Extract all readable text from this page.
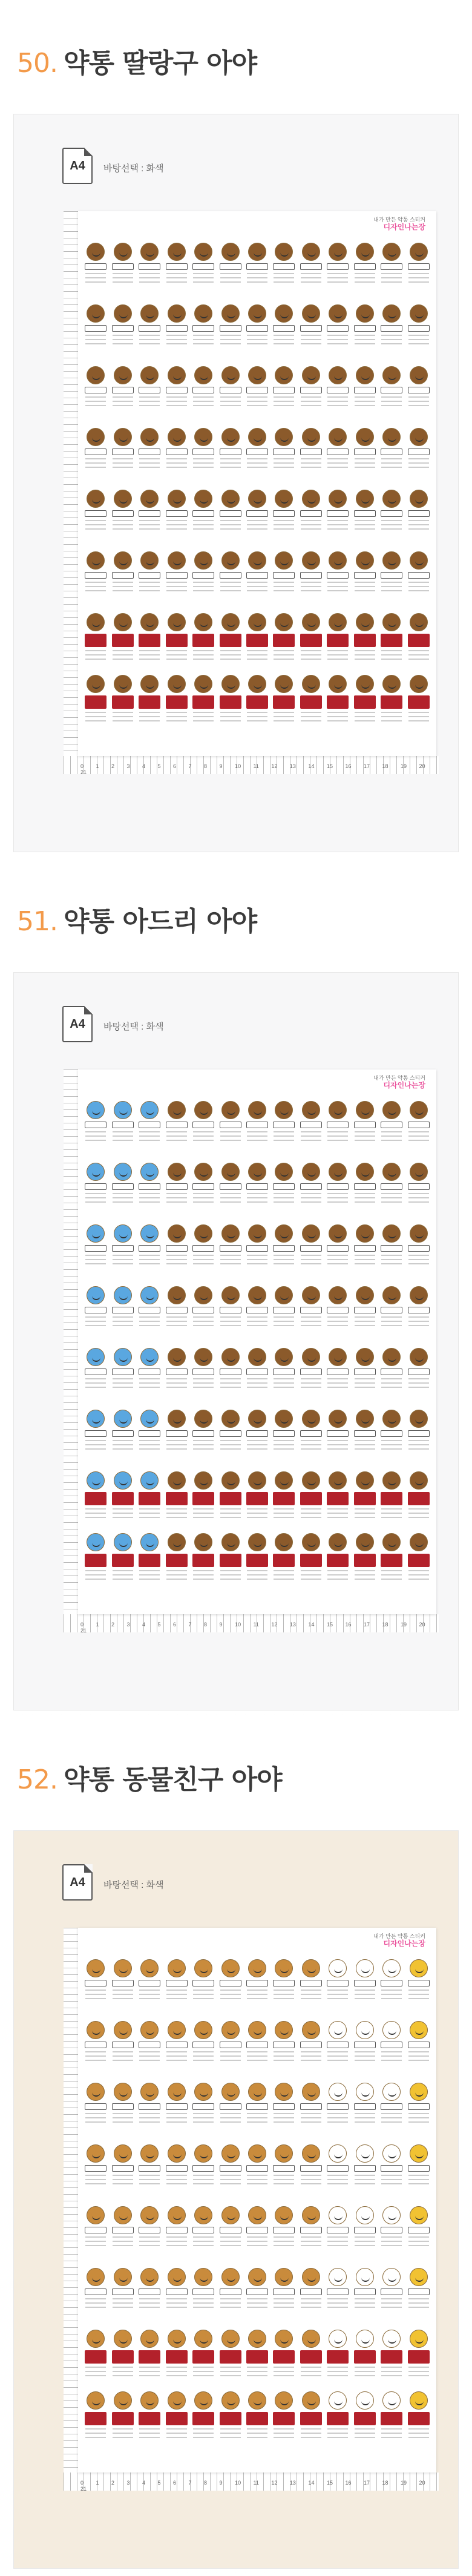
50. 약통 딸랑구 아야
A4	바탕선택 : 화색
0 1 2 3 4 5 6 7 8 9 10 11 12 13 14 15 16 17 18 19 20 21
내가 만든 약통 스티커
디자인나는장
51. 약통 아드리 아야
A4	바탕선택 : 화색
0 1 2 3 4 5 6 7 8 9 10 11 12 13 14 15 16 17 18 19 20 21
내가 만든 약통 스티커
디자인나는장
52. 약통 동물친구 아야
A4	바탕선택 : 화색
0 1 2 3 4 5 6 7 8 9 10 11 12 13 14 15 16 17 18 19 20 21
내가 만든 약통 스티커
디자인나는장
